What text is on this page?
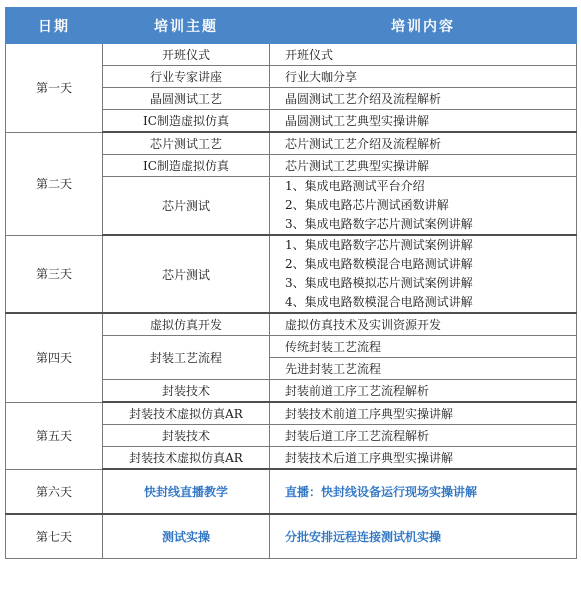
日期	培训主题	培训内容
第一天	开班仪式	开班仪式
	行业专家讲座	行业大咖分享
	晶圆测试工艺	晶圆测试工艺介绍及流程解析
	IC制造虚拟仿真	晶圆测试工艺典型实操讲解
第二天	芯片测试工艺	芯片测试工艺介绍及流程解析
	IC制造虚拟仿真	芯片测试工艺典型实操讲解
	芯片测试	1、集成电路测试平台介绍
2、集成电路芯片测试函数讲解
3、集成电路数字芯片测试案例讲解

第三天	芯片测试	1、集成电路数字芯片测试案例讲解
2、集成电路数模混合电路测试讲解
3、集成电路模拟芯片测试案例讲解
4、集成电路数模混合电路测试讲解

第四天	虚拟仿真开发	虚拟仿真技术及实训资源开发
	封装工艺流程	传统封装工艺流程
		先进封装工艺流程
	封装技术	封装前道工序工艺流程解析
第五天	封装技术虚拟仿真AR	封装技术前道工序典型实操讲解
	封装技术	封装后道工序工艺流程解析
	封装技术虚拟仿真AR	封装技术后道工序典型实操讲解
第六天	快封线直播教学	直播：快封线设备运行现场实操讲解
第七天	测试实操	分批安排远程连接测试机实操
